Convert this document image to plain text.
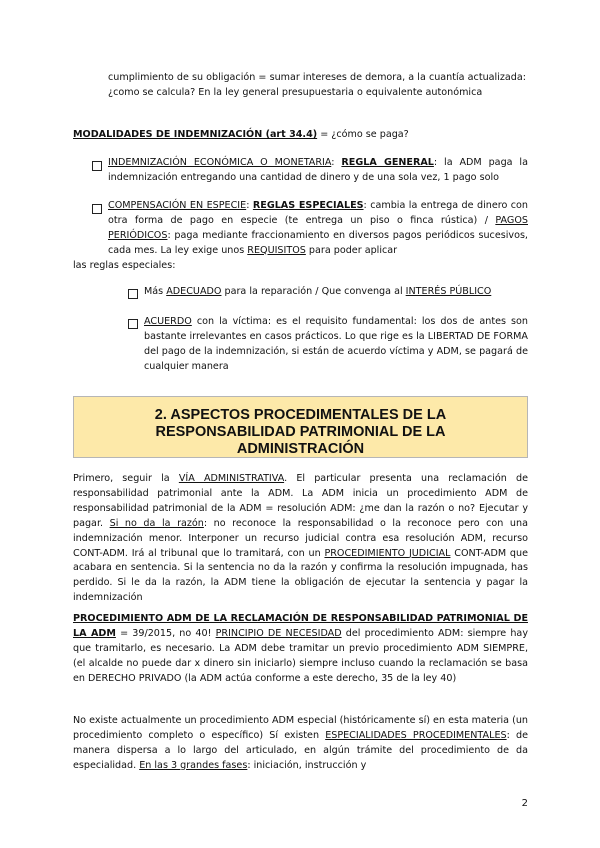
cumplimiento de su obligación = sumar intereses de demora, a la cuantía actualizada: ¿como se calcula? En la ley general presupuestaria o equivalente autonómica

MODALIDADES DE INDEMNIZACIÓN (art 34.4) = ¿cómo se paga?

INDEMNIZACIÓN ECONÓMICA O MONETARIA: REGLA GENERAL: la ADM paga la indemnización entregando una cantidad de dinero y de una sola vez, 1 pago solo

COMPENSACIÓN EN ESPECIE: REGLAS ESPECIALES: cambia la entrega de dinero con otra forma de pago en especie (te entrega un piso o finca rústica) / PAGOS PERIÓDICOS: paga mediante fraccionamiento en diversos pagos periódicos sucesivos, cada mes. La ley exige unos REQUISITOS para poder aplicar

las reglas especiales:

Más ADECUADO para la reparación / Que convenga al INTERÉS PÚBLICO

ACUERDO con la víctima: es el requisito fundamental: los dos de antes son bastante irrelevantes en casos prácticos. Lo que rige es la LIBERTAD DE FORMA del pago de la indemnización, si están de acuerdo víctima y ADM, se pagará de cualquier manera

2. ASPECTOS PROCEDIMENTALES DE LA
RESPONSABILIDAD PATRIMONIAL DE LA
ADMINISTRACIÓN

Primero, seguir la VÍA ADMINISTRATIVA. El particular presenta una reclamación de responsabilidad patrimonial ante la ADM. La ADM inicia un procedimiento ADM de responsabilidad patrimonial de la ADM = resolución ADM: ¿me dan la razón o no? Ejecutar y pagar. Si no da la razón: no reconoce la responsabilidad o la reconoce pero con una indemnización menor. Interponer un recurso judicial contra esa resolución ADM, recurso CONT-ADM. Irá al tribunal que lo tramitará, con un PROCEDIMIENTO JUDICIAL CONT-ADM que acabara en sentencia. Si la sentencia no da la razón y confirma la resolución impugnada, has perdido. Si le da la razón, la ADM tiene la obligación de ejecutar la sentencia y pagar la indemnización

PROCEDIMIENTO ADM DE LA RECLAMACIÓN DE RESPONSABILIDAD PATRIMONIAL DE LA ADM = 39/2015, no 40! PRINCIPIO DE NECESIDAD del procedimiento ADM: siempre hay que tramitarlo, es necesario. La ADM debe tramitar un previo procedimiento ADM SIEMPRE, (el alcalde no puede dar x dinero sin iniciarlo) siempre incluso cuando la reclamación se basa en DERECHO PRIVADO (la ADM actúa conforme a este derecho, 35 de la ley 40)

No existe actualmente un procedimiento ADM especial (históricamente sí) en esta materia (un procedimiento completo o específico) Sí existen ESPECIALIDADES PROCEDIMENTALES: de manera dispersa a lo largo del articulado, en algún trámite del procedimiento de da especialidad. En las 3 grandes fases: iniciación, instrucción y

2
